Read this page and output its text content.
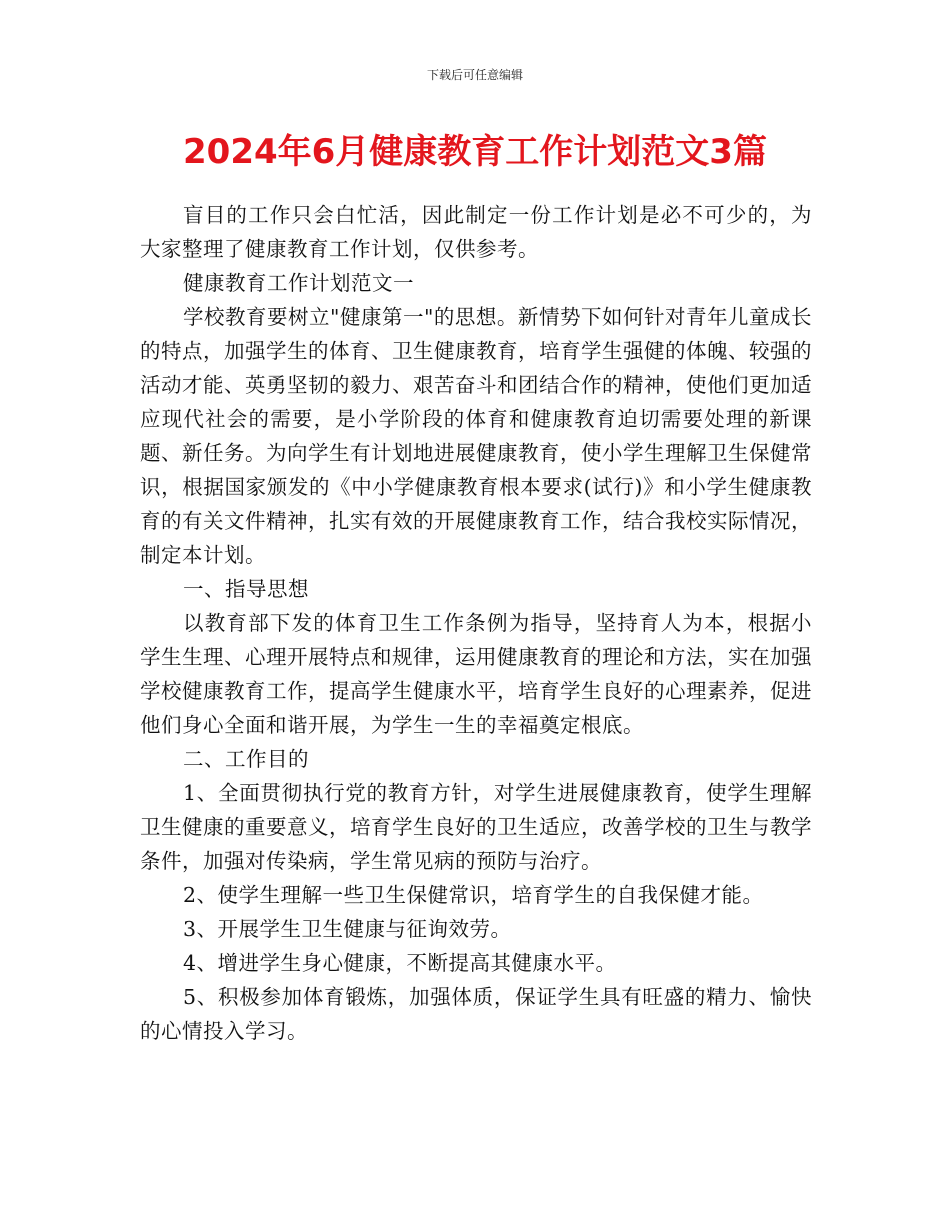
下载后可任意编辑
2024年6月健康教育工作计划范文3篇

盲目的工作只会白忙活，因此制定一份工作计划是必不可少的，为大家整理了健康教育工作计划，仅供参考。

健康教育工作计划范文一

学校教育要树立"健康第一"的思想。新情势下如何针对青年儿童成长的特点，加强学生的体育、卫生健康教育，培育学生强健的体魄、较强的活动才能、英勇坚韧的毅力、艰苦奋斗和团结合作的精神，使他们更加适应现代社会的需要，是小学阶段的体育和健康教育迫切需要处理的新课题、新任务。为向学生有计划地进展健康教育，使小学生理解卫生保健常识，根据国家颁发的《中小学健康教育根本要求(试行)》和小学生健康教育的有关文件精神，扎实有效的开展健康教育工作，结合我校实际情况，制定本计划。

一、指导思想

以教育部下发的体育卫生工作条例为指导，坚持育人为本，根据小学生生理、心理开展特点和规律，运用健康教育的理论和方法，实在加强学校健康教育工作，提高学生健康水平，培育学生良好的心理素养，促进他们身心全面和谐开展，为学生一生的幸福奠定根底。

二、工作目的

1、全面贯彻执行党的教育方针，对学生进展健康教育，使学生理解卫生健康的重要意义，培育学生良好的卫生适应，改善学校的卫生与教学条件，加强对传染病，学生常见病的预防与治疗。

2、使学生理解一些卫生保健常识，培育学生的自我保健才能。

3、开展学生卫生健康与征询效劳。

4、增进学生身心健康，不断提高其健康水平。

5、积极参加体育锻炼，加强体质，保证学生具有旺盛的精力、愉快的心情投入学习。
